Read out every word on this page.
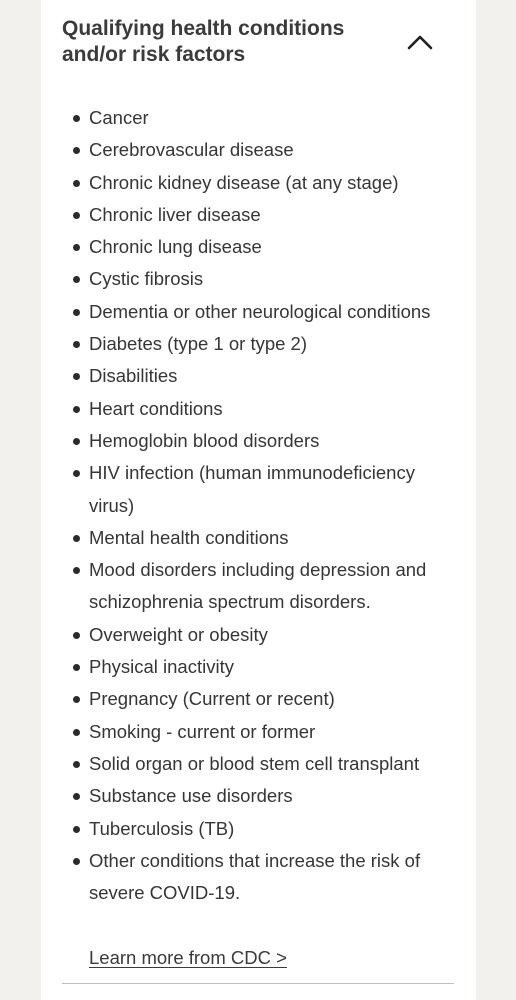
Qualifying health conditions and/or risk factors
Cancer
Cerebrovascular disease
Chronic kidney disease (at any stage)
Chronic liver disease
Chronic lung disease
Cystic fibrosis
Dementia or other neurological conditions
Diabetes (type 1 or type 2)
Disabilities
Heart conditions
Hemoglobin blood disorders
HIV infection (human immunodeficiency virus)
Mental health conditions
Mood disorders including depression and schizophrenia spectrum disorders.
Overweight or obesity
Physical inactivity
Pregnancy (Current or recent)
Smoking - current or former
Solid organ or blood stem cell transplant
Substance use disorders
Tuberculosis (TB)
Other conditions that increase the risk of severe COVID-19.
Learn more from CDC >
